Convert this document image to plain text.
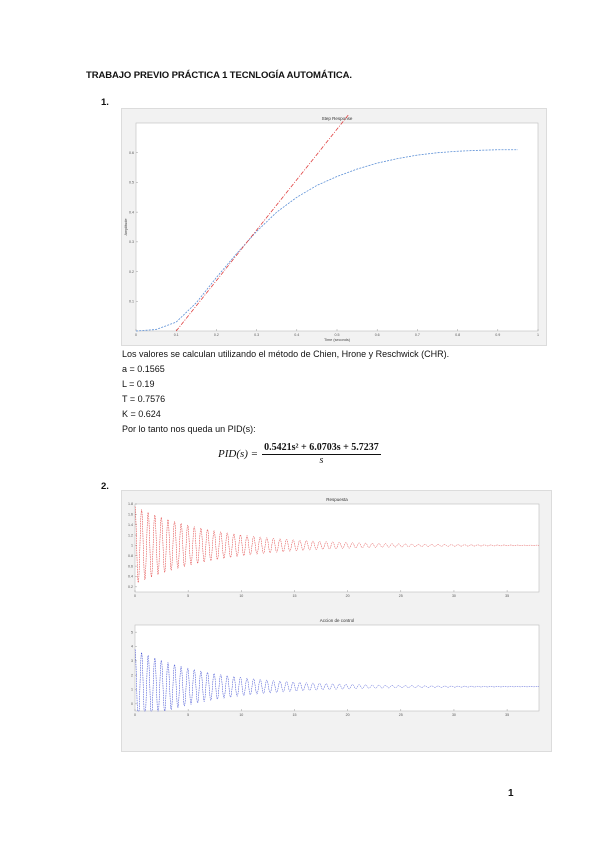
TRABAJO PREVIO PRÁCTICA 1 TECNLOGÍA AUTOMÁTICA.
1.
Step Response
0	0.1	0.2	0.3	0.4	0.5	0.6	0.7	0.8	0.9	1
0.1
0.2
0.3
0.4
0.5
0.6
Time (seconds)
Amplitude
Los valores se calculan utilizando el método de Chien, Hrone y Reschwick (CHR).
a = 0.1565
L = 0.19
T = 0.7576
K = 0.624
Por lo tanto nos queda un PID(s):
PID(s) =
0.5421s² + 6.0703s + 5.7237
s
2.
Respuesta
0	5	10	15	20	25	30	35
0.2
0.4
0.6
0.8
1
1.2
1.4
1.6
1.8
Accion de control
0	5	10	15	20	25	30	35
0
1
2
3
4
5
1
